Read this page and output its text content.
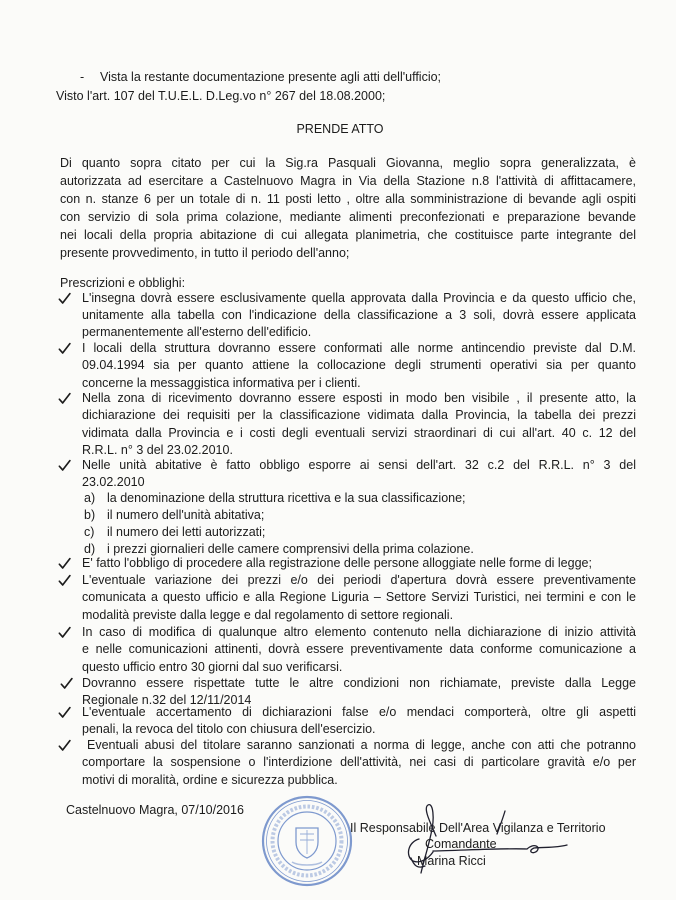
- Vista la restante documentazione presente agli atti dell'ufficio;
Visto l'art. 107 del T.U.E.L. D.Leg.vo n° 267 del 18.08.2000;
PRENDE ATTO
Di quanto sopra citato per cui la Sig.ra Pasquali Giovanna, meglio sopra generalizzata, è
autorizzata ad esercitare a Castelnuovo Magra in Via della Stazione n.8 l'attività di affittacamere,
con n. stanze 6 per un totale di n. 11 posti letto , oltre alla somministrazione di bevande agli ospiti
con servizio di sola prima colazione, mediante alimenti preconfezionati e preparazione bevande
nei locali della propria abitazione di cui allegata planimetria, che costituisce parte integrante del
presente provvedimento, in tutto il periodo dell'anno;
Prescrizioni e obblighi:
L'insegna dovrà essere esclusivamente quella approvata dalla Provincia e da questo ufficio che,
unitamente alla tabella con l'indicazione della classificazione a 3 soli, dovrà essere applicata
permanentemente all'esterno dell'edificio.
I locali della struttura dovranno essere conformati alle norme antincendio previste dal D.M.
09.04.1994 sia per quanto attiene la collocazione degli strumenti operativi sia per quanto
concerne la messaggistica informativa per i clienti.
Nella zona di ricevimento dovranno essere esposti in modo ben visibile , il presente atto, la
dichiarazione dei requisiti per la classificazione vidimata dalla Provincia, la tabella dei prezzi
vidimata dalla Provincia e i costi degli eventuali servizi straordinari di cui all'art. 40 c. 12 del
R.R.L. n° 3 del 23.02.2010.
Nelle unità abitative è fatto obbligo esporre ai sensi dell'art. 32 c.2 del R.R.L. n° 3 del
23.02.2010
a) la denominazione della struttura ricettiva e la sua classificazione;
b) il numero dell'unità abitativa;
c) il numero dei letti autorizzati;
d) i prezzi giornalieri delle camere comprensivi della prima colazione.
E' fatto l'obbligo di procedere alla registrazione delle persone alloggiate nelle forme di legge;
L'eventuale variazione dei prezzi e/o dei periodi d'apertura dovrà essere preventivamente
comunicata a questo ufficio e alla Regione Liguria – Settore Servizi Turistici, nei termini e con le
modalità previste dalla legge e dal regolamento di settore regionali.
In caso di modifica di qualunque altro elemento contenuto nella dichiarazione di inizio attività
e nelle comunicazioni attinenti, dovrà essere preventivamente data conforme comunicazione a
questo ufficio entro 30 giorni dal suo verificarsi.
Dovranno essere rispettate tutte le altre condizioni non richiamate, previste dalla Legge
Regionale n.32 del 12/11/2014
L'eventuale accertamento di dichiarazioni false e/o mendaci comporterà, oltre gli aspetti
penali, la revoca del titolo con chiusura dell'esercizio.
Eventuali abusi del titolare saranno sanzionati a norma di legge, anche con atti che potranno
comportare la sospensione o l'interdizione dell'attività, nei casi di particolare gravità e/o per
motivi di moralità, ordine e sicurezza pubblica.
Castelnuovo Magra, 07/10/2016
Il Responsabile Dell'Area Vigilanza e Territorio
Comandante
Marina Ricci
